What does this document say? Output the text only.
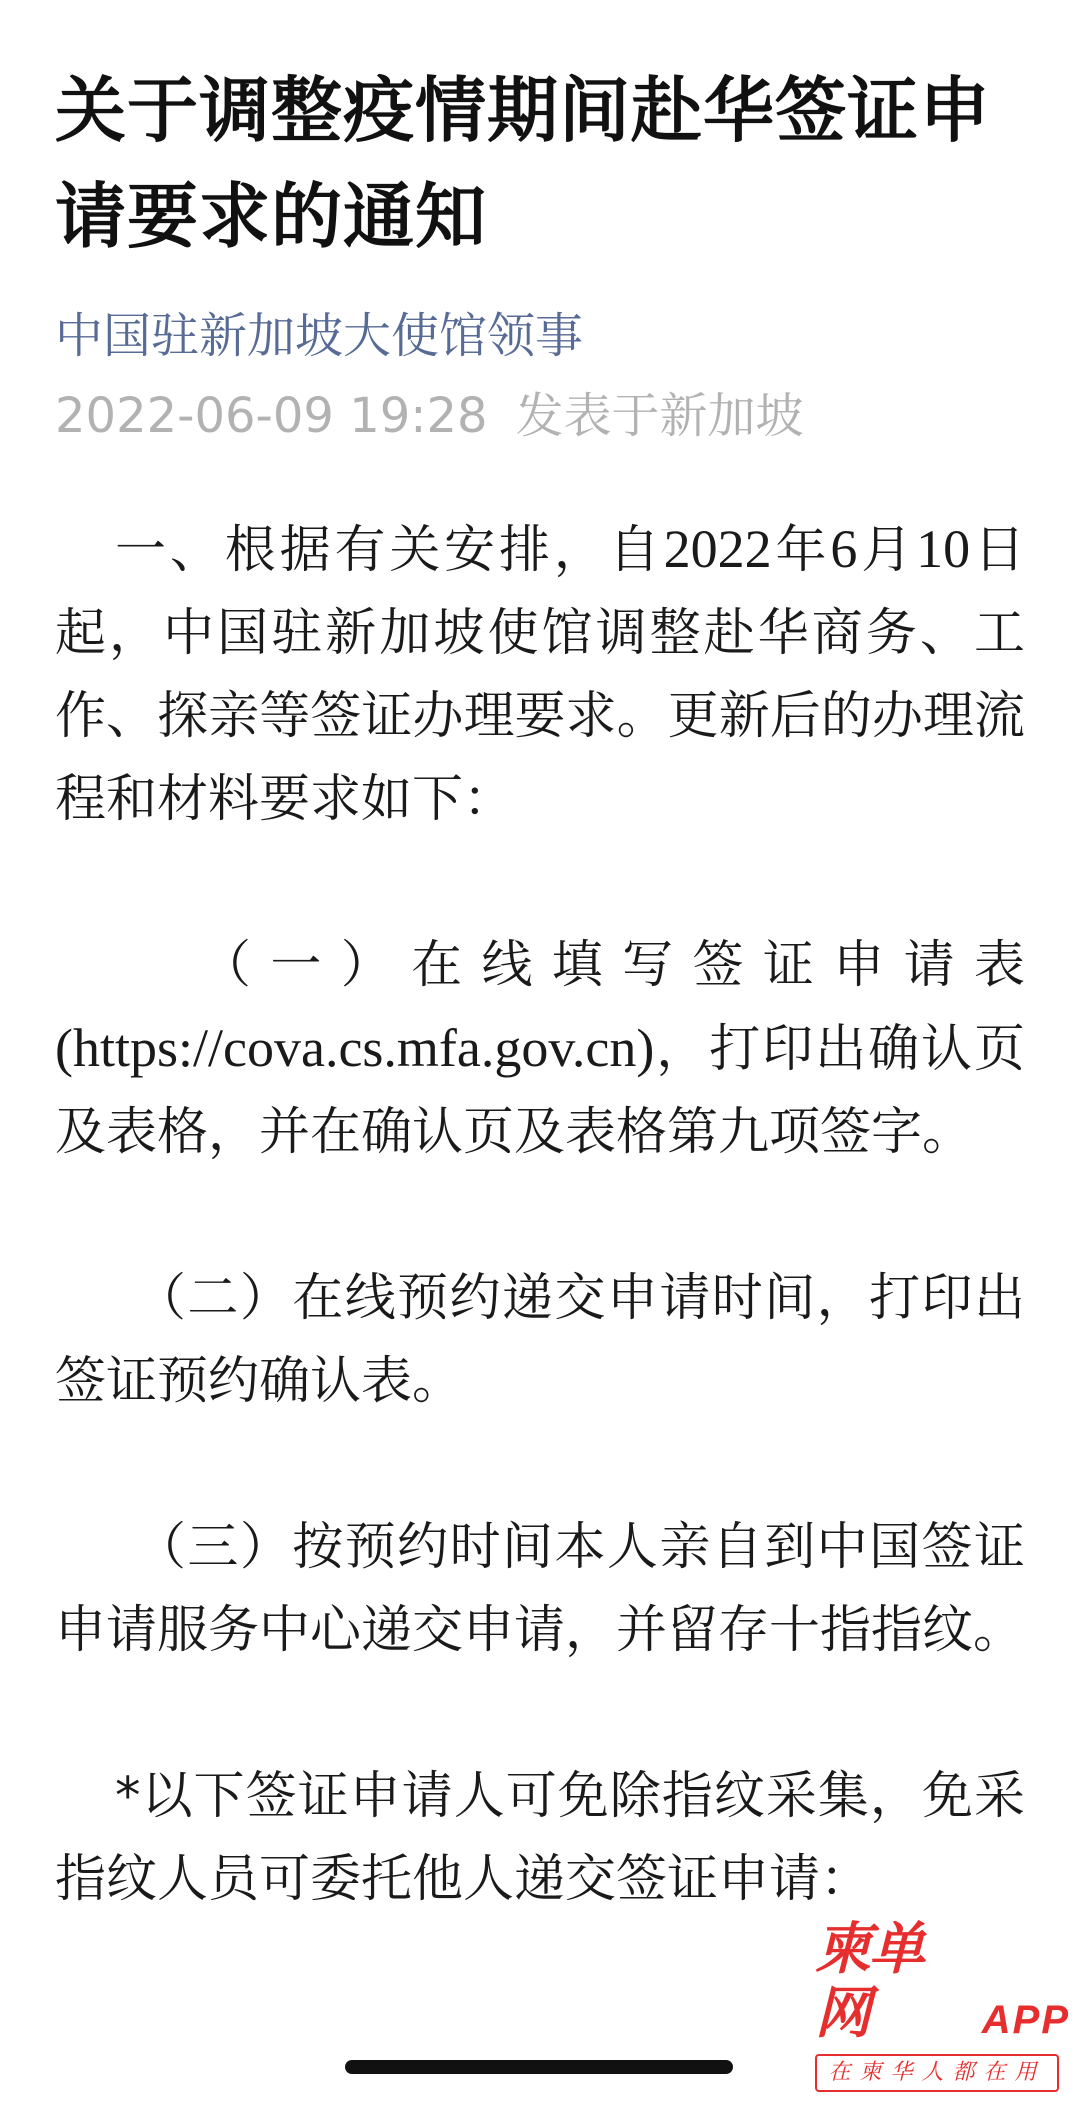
关于调整疫情期间赴华签证申请要求的通知
中国驻新加坡大使馆领事
2022-06-09 19:28 发表于新加坡

一、根据有关安排，自2022年6月10日起，中国驻新加坡使馆调整赴华商务、工作、探亲等签证办理要求。更新后的办理流程和材料要求如下：

（一）在线填写签证申请表(https://cova.cs.mfa.gov.cn)，打印出确认页及表格，并在确认页及表格第九项签字。

（二）在线预约递交申请时间，打印出签证预约确认表。

（三）按预约时间本人亲自到中国签证申请服务中心递交申请，并留存十指指纹。

*以下签证申请人可免除指纹采集，免采指纹人员可委托他人递交签证申请：

柬单网	APP
在柬华人都在用
